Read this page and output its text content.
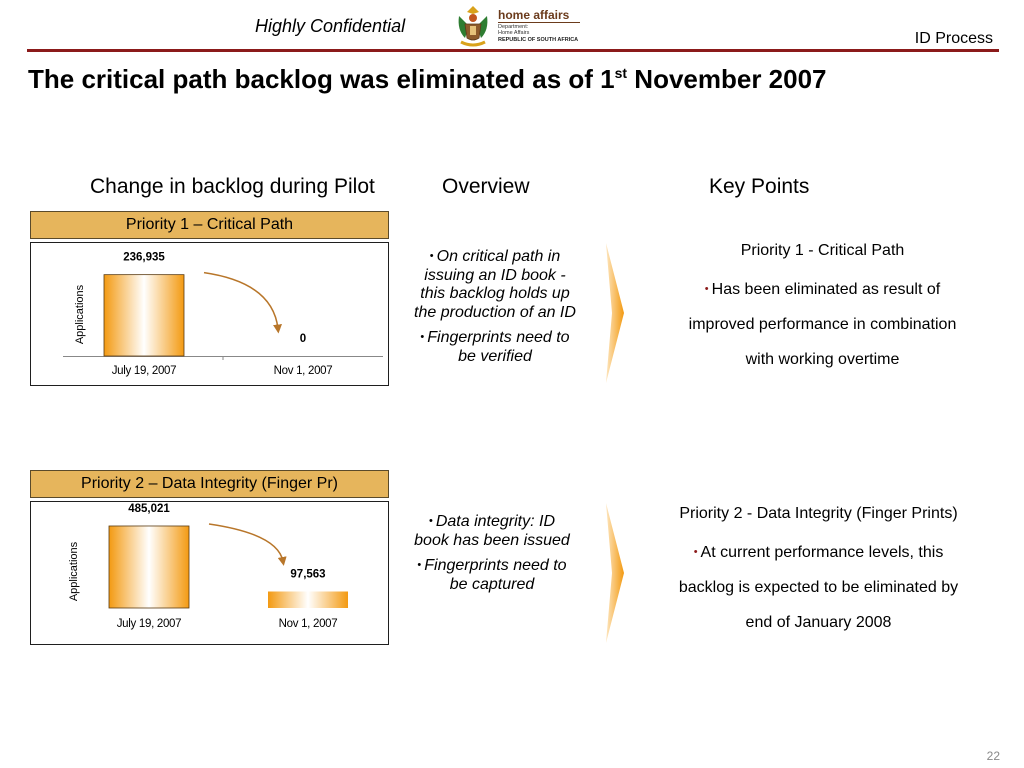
Highly Confidential
home affairs
Department:
Home Affairs
REPUBLIC OF SOUTH AFRICA	ID Process
The critical path backlog was eliminated as of 1st November 2007
Change in backlog during Pilot	Overview	Key Points
Priority 1 – Critical Path
Applications
236,935
July 19, 2007
0
Nov 1, 2007

• On critical path in issuing an ID book - this backlog holds up the production of an ID

• Fingerprints need to be verified

Priority 1 - Critical Path
• Has been eliminated as result of
improved performance in combination
with working overtime
Priority 2 – Data Integrity (Finger Pr)
Applications
485,021
July 19, 2007
97,563
Nov 1, 2007

• Data integrity: ID book has been issued

• Fingerprints need to be captured

Priority 2 - Data Integrity (Finger Prints)
• At current performance levels, this
backlog is expected to be eliminated by
end of January 2008
22
